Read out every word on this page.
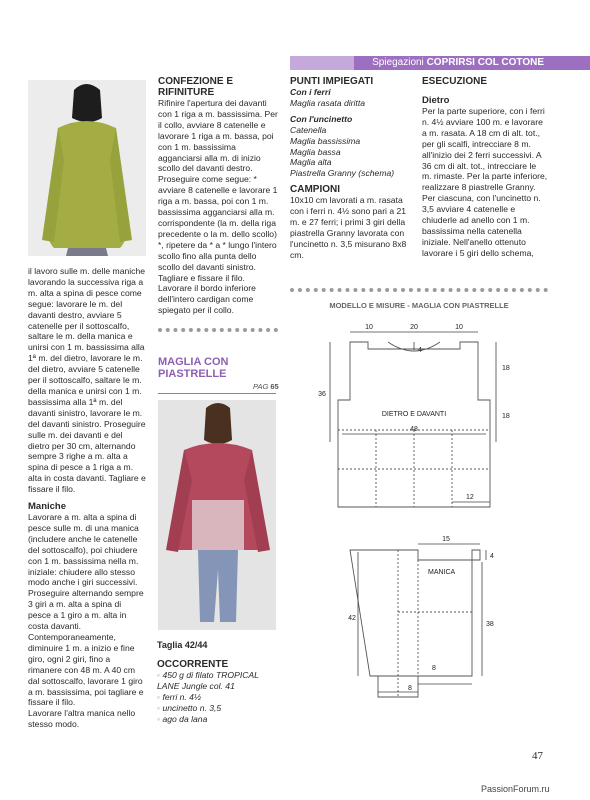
Spiegazioni COPRIRSI COL COTONE

il lavoro sulle m. delle maniche lavorando la successiva riga a m. alta a spina di pesce come segue: lavorare le m. del davanti destro, avviare 5 catenelle per il sottoscalfo, saltare le m. della manica e unirsi con 1 m. bassissima alla 1ª m. del dietro, lavorare le m. del dietro, avviare 5 catenelle per il sottoscalfo, saltare le m. della manica e unirsi con 1 m. bassissima alla 1ª m. del davanti sinistro, lavorare le m. del davanti sinistro. Proseguire sulle m. dei davanti e del dietro per 30 cm, alternando sempre 3 righe a m. alta a spina di pesce a 1 riga a m. alta in costa davanti. Tagliare e fissare il filo.

Maniche

Lavorare a m. alta a spina di pesce sulle m. di una manica (includere anche le catenelle del sottoscalfo), poi chiudere con 1 m. bassissima nella m. iniziale: chiudere allo stesso modo anche i giri successivi. Proseguire alternando sempre 3 giri a m. alta a spina di pesce a 1 giro a m. alta in costa davanti. Contemporaneamente, diminuire 1 m. a inizio e fine giro, ogni 2 giri, fino a rimanere con 48 m. A 40 cm dal sottoscalfo, lavorare 1 giro a m. bassissima, poi tagliare e fissare il filo.

Lavorare l'altra manica nello stesso modo.

CONFEZIONE E RIFINITURE

Rifinire l'apertura dei davanti con 1 riga a m. bassissima. Per il collo, avviare 8 catenelle e lavorare 1 riga a m. bassa, poi con 1 m. bassissima agganciarsi alla m. di inizio scollo del davanti destro. Proseguire come segue: * avviare 8 catenelle e lavorare 1 riga a m. bassa, poi con 1 m. bassissima agganciarsi alla m. corrispondente (la m. della riga precedente o la m. dello scollo) *, ripetere da * a * lungo l'intero scollo fino alla punta dello scollo del davanti sinistro. Tagliare e fissare il filo. Lavorare il bordo inferiore dell'intero cardigan come spiegato per il collo.

MAGLIA CON PIASTRELLE
PAG 65

Taglia 42/44

OCCORRENTE

◦ 450 g di filato TROPICAL LANE Jungle col. 41

◦ ferri n. 4½

◦ uncinetto n. 3,5

◦ ago da lana

PUNTI IMPIEGATI

Con i ferri

Maglia rasata diritta

Con l'uncinetto

Catenella

Maglia bassissima

Maglia bassa

Maglia alta

Piastrella Granny (schema)

CAMPIONI

10x10 cm lavorati a m. rasata con i ferri n. 4½ sono pari a 21 m. e 27 ferri; i primi 3 giri della piastrella Granny lavorata con l'uncinetto n. 3,5 misurano 8x8 cm.

ESECUZIONE

Dietro

Per la parte superiore, con i ferri n. 4½ avviare 100 m. e lavorare a m. rasata. A 18 cm di alt. tot., per gli scalfi, intrecciare 8 m. all'inizio dei 2 ferri successivi. A 36 cm di alt. tot., intrecciare le m. rimaste. Per la parte inferiore, realizzare 8 piastrelle Granny. Per ciascuna, con l'uncinetto n. 3,5 avviare 4 catenelle e chiuderle ad anello con 1 m. bassissima nella catenella iniziale. Nell'anello ottenuto lavorare i 5 giri dello schema,

MODELLO E MISURE - MAGLIA CON PIASTRELLE
10	20	10
4
36
18
18
DIETRO E DAVANTI
48
12
15
4
MANICA
42
38
8
8
47
PassionForum.ru
